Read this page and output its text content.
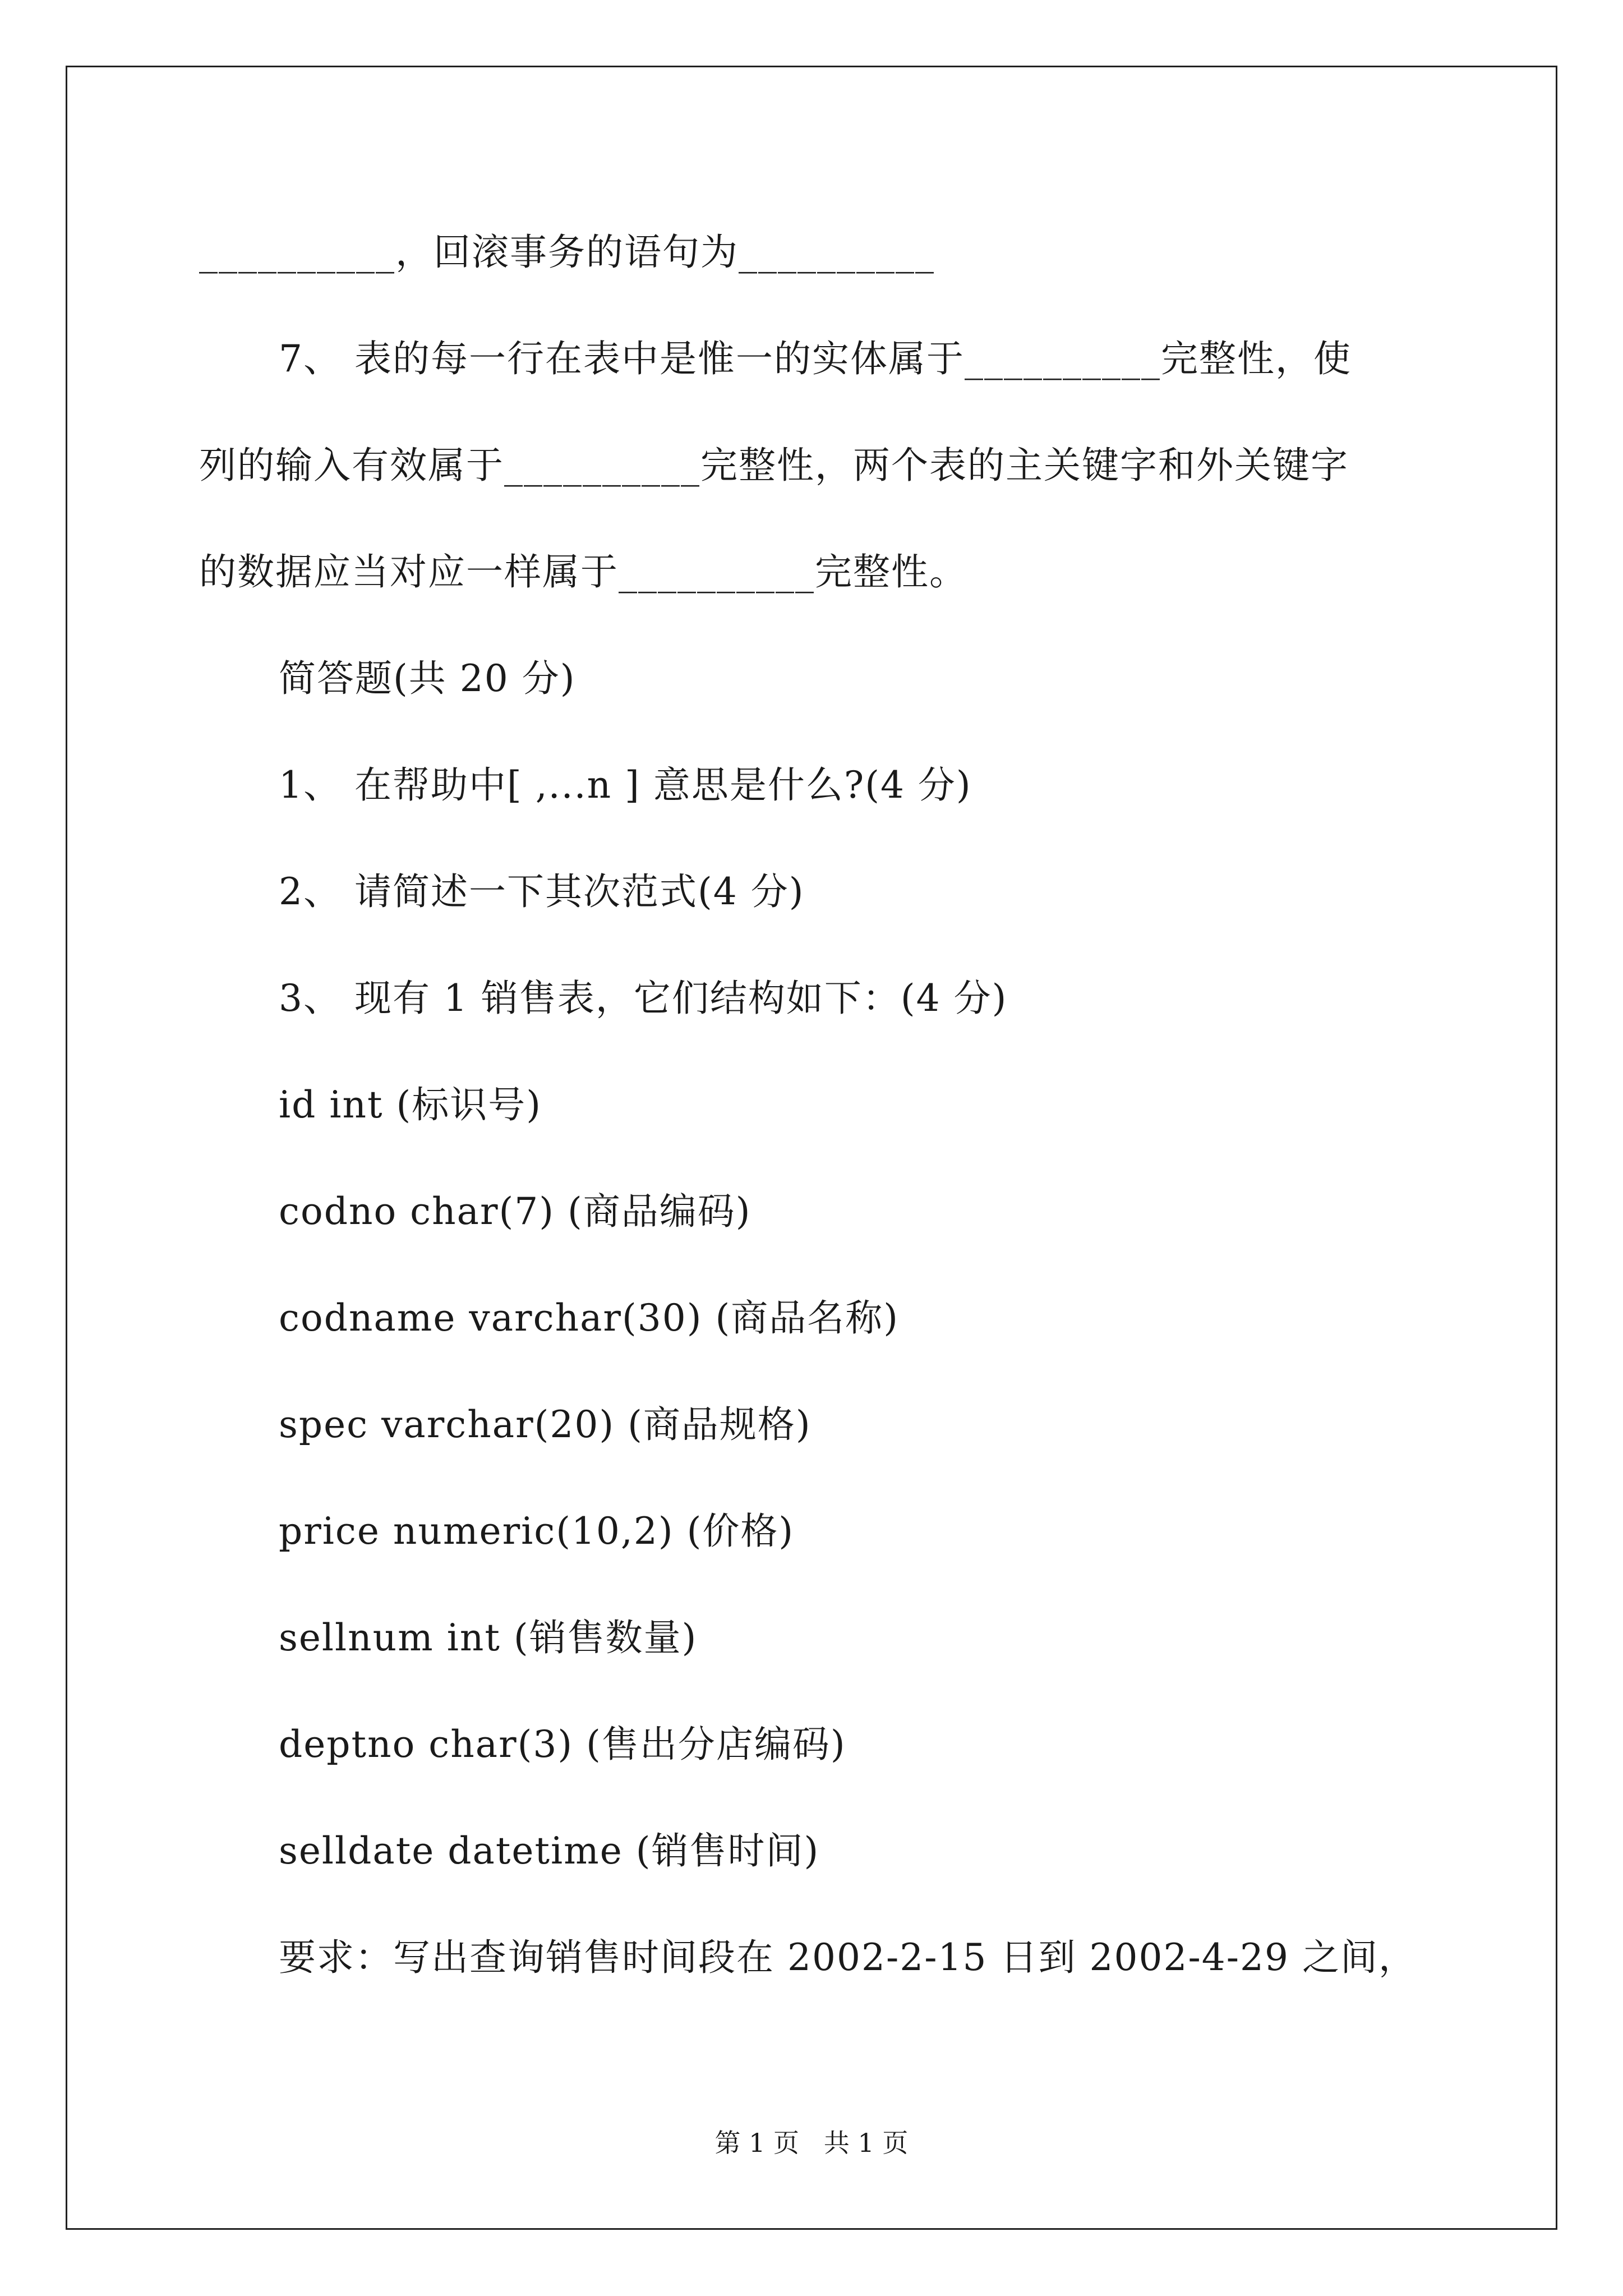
__________，回滚事务的语句为__________
7、 表的每一行在表中是惟一的实体属于__________完整性，使
列的输入有效属于__________完整性，两个表的主关键字和外关键字
的数据应当对应一样属于__________完整性。
简答题(共 20 分)
1、 在帮助中[ ,...n ] 意思是什么?(4 分)
2、 请简述一下其次范式(4 分)
3、 现有 1 销售表，它们结构如下：(4 分)
id int (标识号)
codno char(7) (商品编码)
codname varchar(30) (商品名称)
spec varchar(20) (商品规格)
price numeric(10,2) (价格)
sellnum int (销售数量)
deptno char(3) (售出分店编码)
selldate datetime (销售时间)
要求：写出查询销售时间段在 2002-2-15 日到 2002-4-29 之间，
第 1 页   共 1 页
